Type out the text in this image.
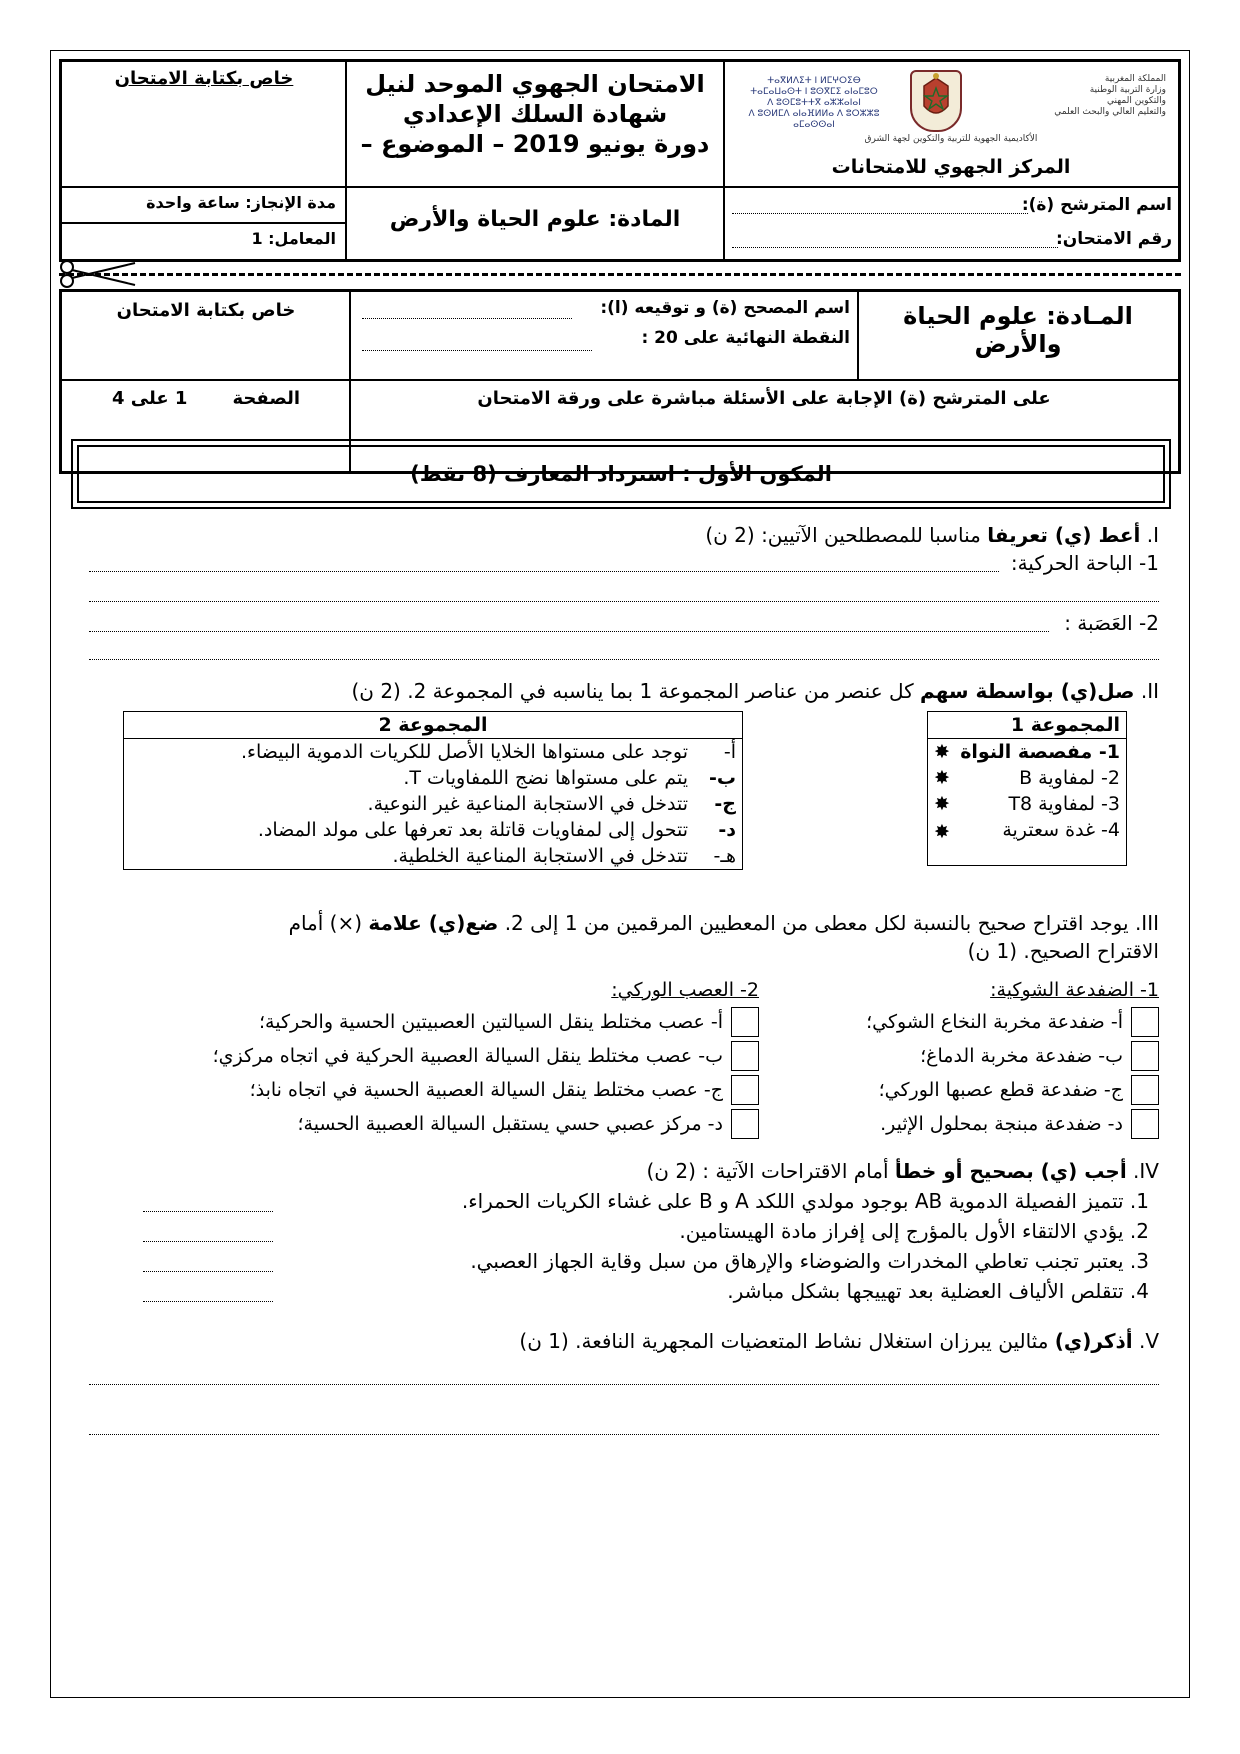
خاص بكتابة الامتحان	الامتحان الجهوي الموحد لنيل
شهادة السلك الإعدادي
دورة يونيو 2019 – الموضوع –
المملكة المغربية
وزارة التربية الوطنية
والتكوين المهني
والتعليم العالي والبحث العلمي
ⵜⴰⴳⵍⴷⵉⵜ ⵏ ⵍⵎⵖⵔⵉⴱ
ⵜⴰⵎⴰⵡⴰⵙⵜ ⵏ ⵓⵙⴳⵎⵉ ⴰⵏⴰⵎⵓⵔ
ⴷ ⵓⵙⵎⵓⵜⵜⴳ ⴰⵣⵣⴰⵏⴰⵏ
ⴷ ⵓⵙⵍⵎⴷ ⴰⵏⴰⴼⵍⵍⴰ ⴷ ⵓⵔⵣⵣⵓ ⴰⵎⴰⵙⵙⴰⵏ
الأكاديمية الجهوية للتربية والتكوين لجهة الشرق
المركز الجهوي للامتحانات
مدة الإنجاز: ساعة واحدة
المعامل: 1
المادة: علوم الحياة والأرض
اسم المترشح (ة):
رقم الامتحان:
خاص بكتابة الامتحان	اسم المصحح (ة) و توقيعه (ا):
النقطة النهائية على 20 :
المـادة: علوم الحياة والأرض
الصفحة
1 على 4	على المترشح (ة) الإجابة على الأسئلة مباشرة على ورقة الامتحان
المكون الأول : استرداد المعارف (8 نقط)
I. أعط (ي) تعريفا مناسبا للمصطلحين الآتيين: (2 ن)
1- الباحة الحركية:
2- العَصَبة :
II. صل(ي) بواسطة سهم كل عنصر من عناصر المجموعة 1 بما يناسبه في المجموعة 2. (2 ن)
المجموعة 1
1- مفصصة النواة
✸

2- لمفاوية B
✸

3- لمفاوية T8
✸

4- غدة سعترية
✸
المجموعة 2	
أ-	توجد على مستواها الخلايا الأصل للكريات الدموية البيضاء.
ب-	يتم على مستواها نضج اللمفاويات T.
ج-	تتدخل في الاستجابة المناعية غير النوعية.
د-	تتحول إلى لمفاويات قاتلة بعد تعرفها على مولد المضاد.
هـ-	تتدخل في الاستجابة المناعية الخلطية.
III. يوجد اقتراح صحيح بالنسبة لكل معطى من المعطيين المرقمين من 1 إلى 2. ضع(ي) علامة (×) أمام
الاقتراح الصحيح. (1 ن)
1- الضفدعة الشوكية:
أ- ضفدعة مخربة النخاع الشوكي؛
ب- ضفدعة مخربة الدماغ؛
ج- ضفدعة قطع عصبها الوركي؛
د- ضفدعة مبنجة بمحلول الإثير.
2- العصب الوركي:
أ- عصب مختلط ينقل السيالتين العصبيتين الحسية والحركية؛
ب- عصب مختلط ينقل السيالة العصبية الحركية في اتجاه مركزي؛
ج- عصب مختلط ينقل السيالة العصبية الحسية في اتجاه نابذ؛
د- مركز عصبي حسي يستقبل السيالة العصبية الحسية؛
IV. أجب (ي) بصحيح أو خطأ أمام الاقتراحات الآتية : (2 ن)
1. تتميز الفصيلة الدموية AB بوجود مولدي اللكد A و B على غشاء الكريات الحمراء.
2. يؤدي الالتقاء الأول بالمؤرج إلى إفراز مادة الهيستامين.
3. يعتبر تجنب تعاطي المخدرات والضوضاء والإرهاق من سبل وقاية الجهاز العصبي.
4. تتقلص الألياف العضلية بعد تهييجها بشكل مباشر.
V. أذكر(ي) مثالين يبرزان استغلال نشاط المتعضيات المجهرية النافعة. (1 ن)
